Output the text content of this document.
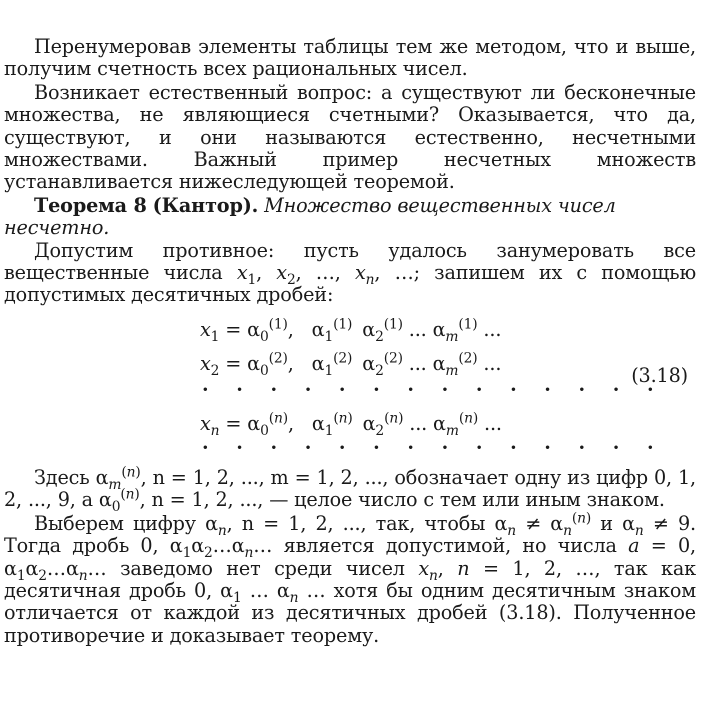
Перенумеровав элементы таблицы тем же методом, что и выше, получим счетность всех рациональных чисел.

Возникает естественный вопрос: а существуют ли бесконечные множества, не являющиеся счетными? Оказывается, что да, существуют, и они называются естественно, несчетными множествами. Важный пример несчетных множеств устанавливается нижеследующей теоремой.

Теорема 8 (Кантор). Множество вещественных чисел несчетно.

Допустим противное: пусть удалось занумеровать все вещественные числа $x_1$, $x_2$, …, $x_n$, …; запишем их с помощью допустимых десятичных дробей:

$x_1 = \alpha_0^{(1)}$, $\alpha_1^{(1)}$ $\alpha_2^{(1)}$ ... $\alpha_m^{(1)}$ ...
$x_2 = \alpha_0^{(2)}$, $\alpha_1^{(2)}$ $\alpha_2^{(2)}$ ... $\alpha_m^{(2)}$ ...
· · · · · · · · · · · · · ·
$x_n = \alpha_0^{(n)}$, $\alpha_1^{(n)}$ $\alpha_2^{(n)}$ ... $\alpha_m^{(n)}$ ...
· · · · · · · · · · · · · ·
(3.18)

Здесь $\alpha_m^{(n)}$, n = 1, 2, ..., m = 1, 2, ..., обозначает одну из цифр 0, 1, 2, ..., 9, а $\alpha_0^{(n)}$, n = 1, 2, ..., — целое число с тем или иным знаком.

Выберем цифру $\alpha_n$, n = 1, 2, ..., так, чтобы $\alpha_n \ne \alpha_n^{(n)}$ и $\alpha_n \ne 9$. Тогда дробь 0, $\alpha_1\alpha_2\dots\alpha_n\dots$ является допустимой, но числа a = 0, $\alpha_1\alpha_2\dots\alpha_n\dots$ заведомо нет среди чисел $x_n$, n = 1, 2, …, так как десятичная дробь 0, $\alpha_1$ … $\alpha_n$ … хотя бы одним десятичным знаком отличается от каждой из десятичных дробей (3.18). Полученное противоречие и доказывает теорему.
